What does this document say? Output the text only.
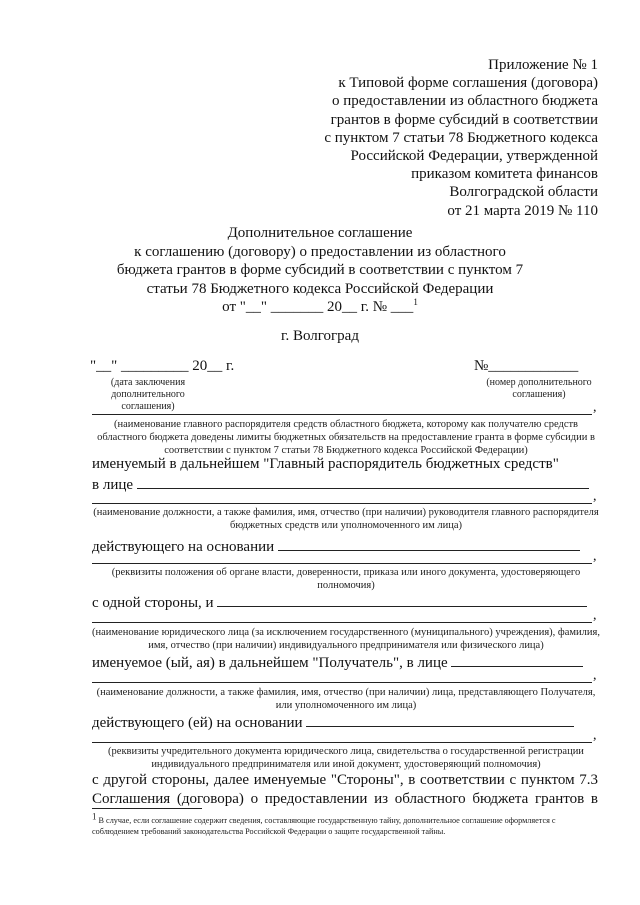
Приложение № 1
к Типовой форме соглашения (договора)
о предоставлении из областного бюджета
грантов в форме субсидий в соответствии
с пунктом 7 статьи 78 Бюджетного кодекса
Российской Федерации, утвержденной
приказом комитета финансов
Волгоградской области
от 21 марта 2019 № 110
Дополнительное соглашение
к соглашению (договору) о предоставлении из областного
бюджета грантов в форме субсидий в соответствии с пунктом 7
статьи 78 Бюджетного кодекса Российской Федерации
от "__" _______ 20__ г. № ___$^1$
г. Волгоград
"__" _________ 20__ г.
(дата заключения дополнительного соглашения)
№____________
(номер дополнительного соглашения)
,
(наименование главного распорядителя средств областного бюджета, которому как получателю средств областного бюджета доведены лимиты бюджетных обязательств на предоставление гранта в форме субсидии в соответствии с пунктом 7 статьи 78 Бюджетного кодекса Российской Федерации)
именуемый в дальнейшем "Главный распорядитель бюджетных средств"
в лице
,
(наименование должности, а также фамилия, имя, отчество (при наличии) руководителя главного распорядителя бюджетных средств или уполномоченного им лица)
действующего на основании
,
(реквизиты положения об органе власти, доверенности, приказа или иного документа, удостоверяющего полномочия)
с одной стороны, и
,
(наименование юридического лица (за исключением государственного (муниципального) учреждения), фамилия, имя, отчество (при наличии) индивидуального предпринимателя или физического лица)
именуемое (ый, ая) в дальнейшем "Получатель", в лице
,
(наименование должности, а также фамилия, имя, отчество (при наличии) лица, представляющего Получателя, или уполномоченного им лица)
действующего (ей) на основании
,
(реквизиты учредительного документа юридического лица, свидетельства о государственной регистрации индивидуального предпринимателя или иной документ, удостоверяющий полномочия)
с другой стороны, далее именуемые "Стороны", в соответствии с пунктом 7.3
Соглашения (договора) о предоставлении из областного бюджета грантов в
$^1$ В случае, если соглашение содержит сведения, составляющие государственную тайну, дополнительное соглашение оформляется с соблюдением требований законодательства Российской Федерации о защите государственной тайны.
